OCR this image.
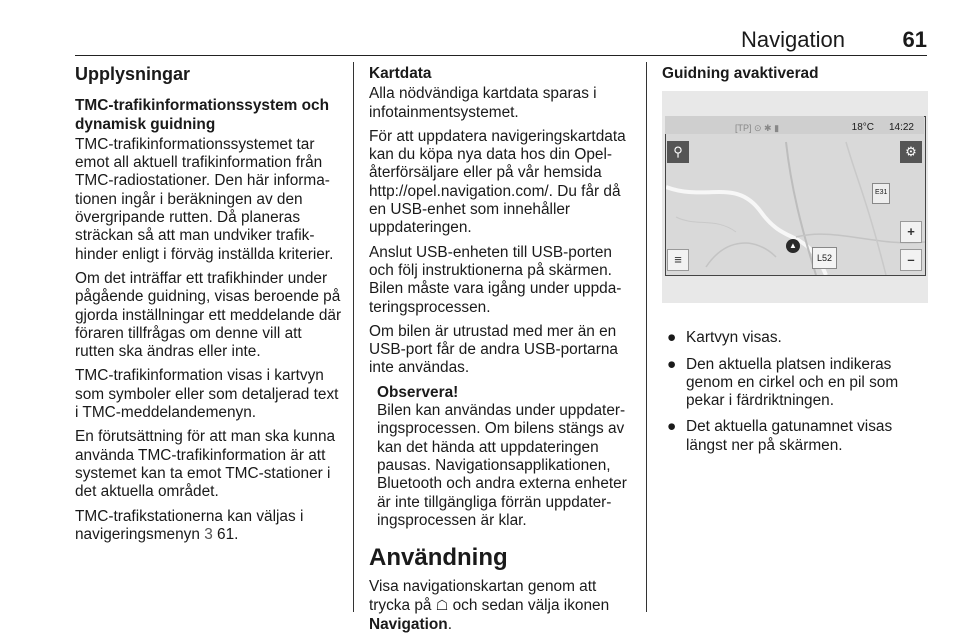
Navigation	61
Upplysningar
TMC-trafikinformationssystem och dynamisk guidning

TMC-trafikinformationssystemet tar emot all aktuell trafikinformation från TMC-radiostationer. Den här informationen ingår i beräkningen av den övergripande rutten. Då planeras sträckan så att man undviker trafikhinder enligt i förväg inställda kriterier.

Om det inträffar ett trafikhinder under pågående guidning, visas beroende på gjorda inställningar ett meddelande där föraren tillfrågas om denne vill att rutten ska ändras eller inte.

TMC-trafikinformation visas i kartvyn som symboler eller som detaljerad text i TMC-meddelandemenyn.

En förutsättning för att man ska kunna använda TMC-trafikinformation är att systemet kan ta emot TMC-stationer i det aktuella området.

TMC-trafikstationerna kan väljas i navigeringsmenyn 3 61.

Kartdata

Alla nödvändiga kartdata sparas i infotainmentsystemet.

För att uppdatera navigeringskartdata kan du köpa nya data hos din Opel-återförsäljare eller på vår hemsida http://opel.navigation.com/. Du får då en USB-enhet som innehåller uppdateringen.

Anslut USB-enheten till USB-porten och följ instruktionerna på skärmen. Bilen måste vara igång under uppdateringsprocessen.

Om bilen är utrustad med mer än en USB-port får de andra USB-portarna inte användas.

Observera!
Bilen kan användas under uppdateringsprocessen. Om bilens stängs av kan det hända att uppdateringen pausas. Navigationsapplikationen, Bluetooth och andra externa enheter är inte tillgängliga förrän uppdateringsprocessen är klar.
Användning

Visa navigationskartan genom att trycka på ☖ och sedan välja ikonen
Navigation.

Guidning avaktiverad
[TP] ⊙ ✱ ▮	18°C 14:22
⚲	⚙
+
–
≡
▲
E31
L52
● Kartvyn visas.
● Den aktuella platsen indikeras genom en cirkel och en pil som pekar i färdriktningen.
● Det aktuella gatunamnet visas längst ner på skärmen.
